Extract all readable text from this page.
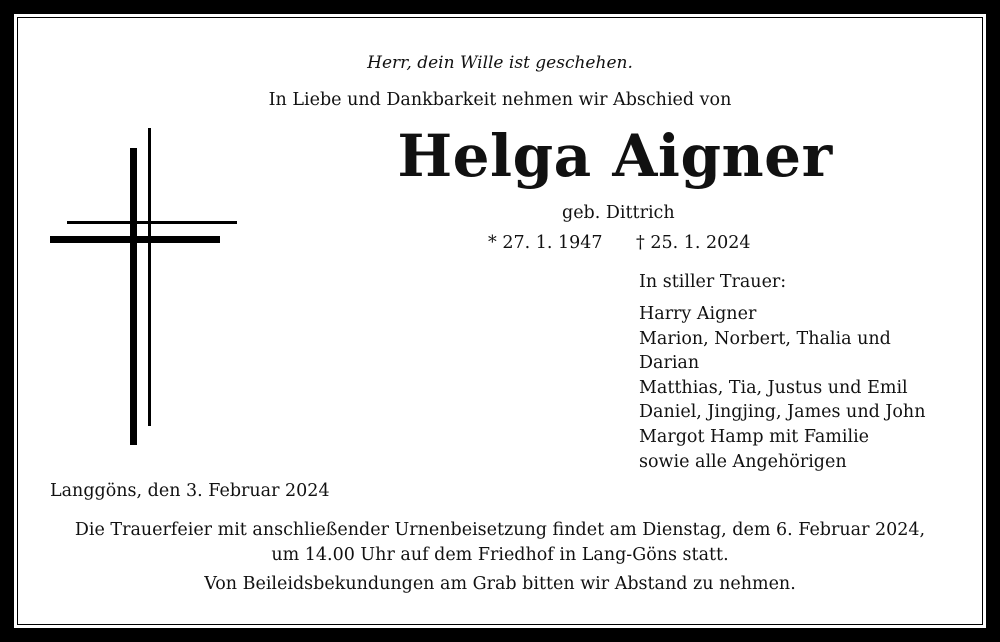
Herr, dein Wille ist geschehen.
In Liebe und Dankbarkeit nehmen wir Abschied von
Helga Aigner
geb. Dittrich
* 27. 1. 1947 † 25. 1. 2024
In stiller Trauer:
Harry Aigner
Marion, Norbert, Thalia und
Darian
Matthias, Tia, Justus und Emil
Daniel, Jingjing, James und John
Margot Hamp mit Familie
sowie alle Angehörigen
Langgöns, den 3. Februar 2024
Die Trauerfeier mit anschließender Urnenbeisetzung findet am Dienstag, dem 6. Februar 2024,
um 14.00 Uhr auf dem Friedhof in Lang-Göns statt.
Von Beileidsbekundungen am Grab bitten wir Abstand zu nehmen.
